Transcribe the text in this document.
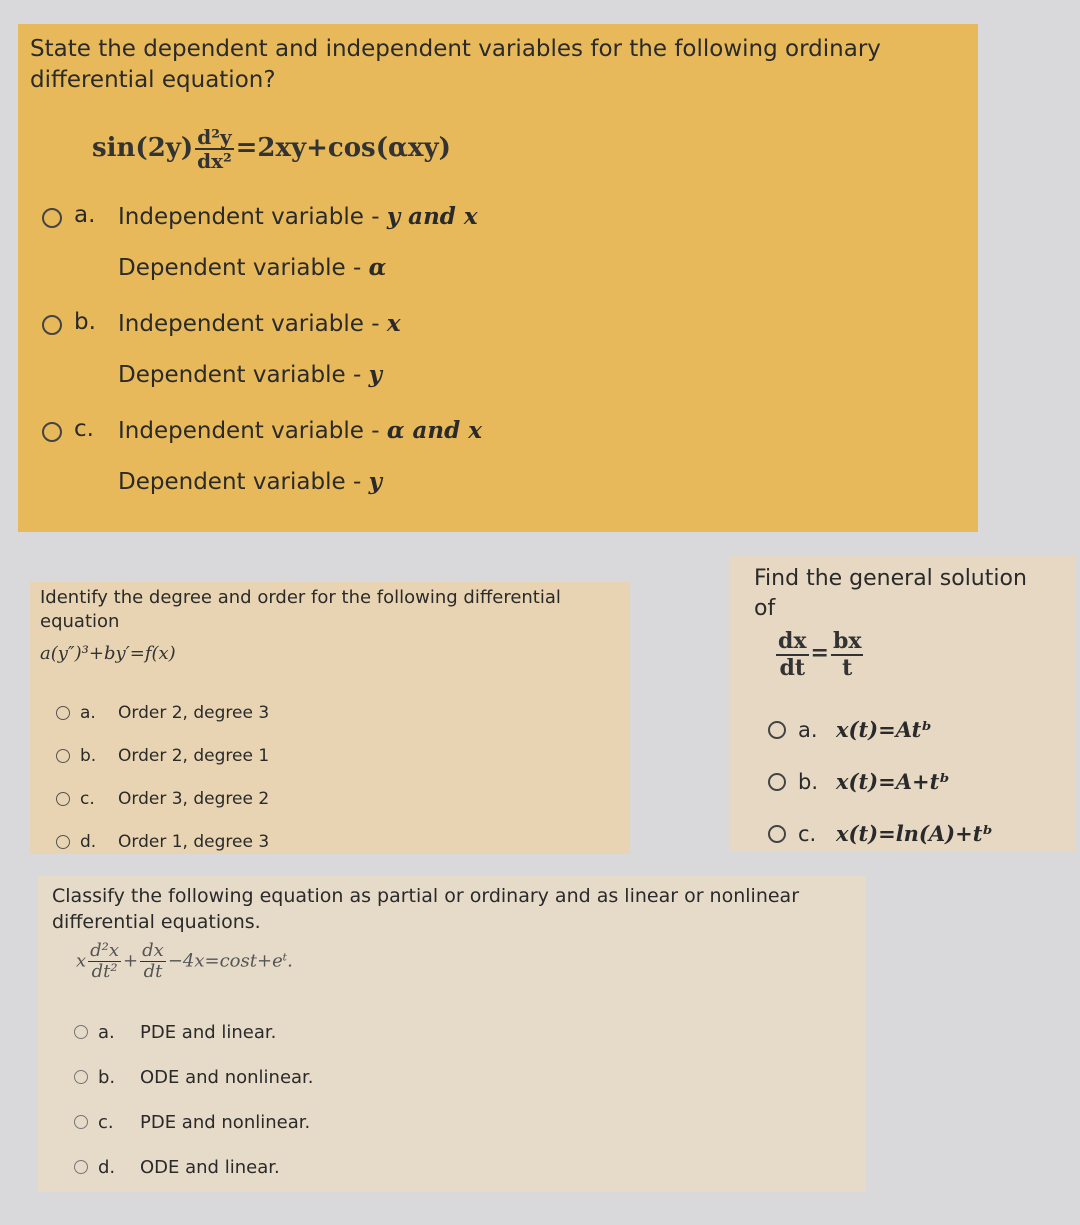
State the dependent and independent variables for the following ordinary differential equation?

$\sin(2y) \frac{\text{d²y}}{\text{dx²}} =2xy+\cos(\alpha xy)$
a. Independent variable - y and x
Dependent variable - α
b. Independent variable - x
Dependent variable - y
c.	Independent variable - α and x
Dependent variable - y

Identify the degree and order for the following differential equation

a(y″)³+by′=f(x)
a.	Order 2, degree 3
b.	Order 2, degree 1
c.	Order 3, degree 2
d.	Order 1, degree 3

Find the general solution of

$\frac{dx}{dt} = \frac{bx}{t}$
a. x(t)=Atᵇ
b. x(t)=A+tᵇ
c. x(t)=ln(A)+tᵇ

Classify the following equation as partial or ordinary and as linear or nonlinear differential equations.

x $\frac{\text{d²x}}{\text{dt²}} + \frac{dx}{dt}$ −4x=cost+eᵗ.
a.	PDE and linear.
b.	ODE and nonlinear.
c.	PDE and nonlinear.
d.	ODE and linear.
